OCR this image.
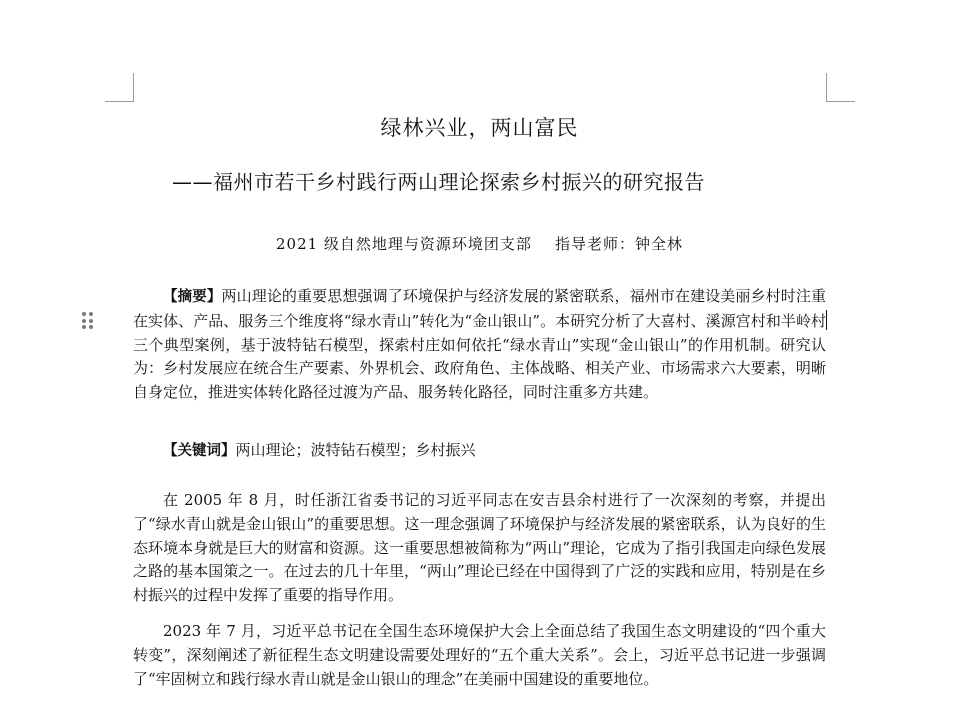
绿林兴业，两山富民
——福州市若干乡村践行两山理论探索乡村振兴的研究报告
2021 级自然地理与资源环境团支部    指导老师：钟全林

【摘要】两山理论的重要思想强调了环境保护与经济发展的紧密联系，福州市在建设美丽乡村时注重在实体、产品、服务三个维度将“绿水青山”转化为“金山银山”。本研究分析了大喜村、溪源宫村和半岭村三个典型案例，基于波特钻石模型，探索村庄如何依托“绿水青山”实现“金山银山”的作用机制。研究认为：乡村发展应在统合生产要素、外界机会、政府角色、主体战略、相关产业、市场需求六大要素，明晰自身定位，推进实体转化路径过渡为产品、服务转化路径，同时注重多方共建。

【关键词】两山理论；波特钻石模型；乡村振兴

在 2005 年 8 月，时任浙江省委书记的习近平同志在安吉县余村进行了一次深刻的考察，并提出了“绿水青山就是金山银山”的重要思想。这一理念强调了环境保护与经济发展的紧密联系，认为良好的生态环境本身就是巨大的财富和资源。这一重要思想被简称为“两山”理论，它成为了指引我国走向绿色发展之路的基本国策之一。在过去的几十年里，“两山”理论已经在中国得到了广泛的实践和应用，特别是在乡村振兴的过程中发挥了重要的指导作用。

2023 年 7 月，习近平总书记在全国生态环境保护大会上全面总结了我国生态文明建设的“四个重大转变”，深刻阐述了新征程生态文明建设需要处理好的“五个重大关系”。会上，习近平总书记进一步强调了“牢固树立和践行绿水青山就是金山银山的理念”在美丽中国建设的重要地位。
